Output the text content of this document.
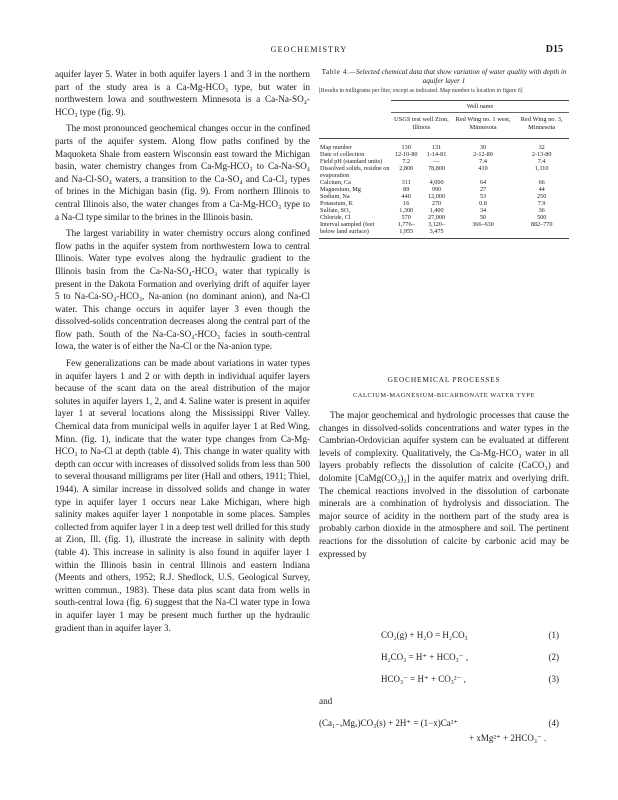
GEOCHEMISTRY	D15

aquifer layer 5. Water in both aquifer layers 1 and 3 in the northern part of the study area is a Ca-Mg-HCO₃ type, but water in northwestern Iowa and southwestern Minnesota is a Ca-Na-SO₄-HCO₃ type (fig. 9).

The most pronounced geochemical changes occur in the confined parts of the aquifer system. Along flow paths confined by the Maquoketa Shale from eastern Wisconsin east toward the Michigan basin, water chemistry changes from Ca-Mg-HCO₃ to Ca-Na-SO₄ and Na-Cl-SO₄ waters, a transition to the Ca-SO₄ and Ca-Cl₂ types of brines in the Michigan basin (fig. 9). From northern Illinois to central Illinois also, the water changes from a Ca-Mg-HCO₃ type to a Na-Cl type similar to the brines in the Illinois basin.

The largest variability in water chemistry occurs along confined flow paths in the aquifer system from northwestern Iowa to central Illinois. Water type evolves along the hydraulic gradient to the Illinois basin from the Ca-Na-SO₄-HCO₃ water that typically is present in the Dakota Formation and overlying drift of aquifer layer 5 to Na-Ca-SO₄-HCO₃, Na-anion (no dominant anion), and Na-Cl water. This change occurs in aquifer layer 3 even though the dissolved-solids concentration decreases along the central part of the flow path. South of the Na-Ca-SO₄-HCO₃ facies in south-central Iowa, the water is of either the Na-Cl or the Na-anion type.

Few generalizations can be made about variations in water types in aquifer layers 1 and 2 or with depth in individual aquifer layers because of the scant data on the areal distribution of the major solutes in aquifer layers 1, 2, and 4. Saline water is present in aquifer layer 1 at several locations along the Mississippi River Valley. Chemical data from municipal wells in aquifer layer 1 at Red Wing, Minn. (fig. 1), indicate that the water type changes from Ca-Mg-HCO₃ to Na-Cl at depth (table 4). This change in water quality with depth can occur with increases of dissolved solids from less than 500 to several thousand milligrams per liter (Hall and others, 1911; Thiel, 1944). A similar increase in dissolved solids and change in water type in aquifer layer 1 occurs near Lake Michigan, where high salinity makes aquifer layer 1 nonpotable in some places. Samples collected from aquifer layer 1 in a deep test well drilled for this study at Zion, Ill. (fig. 1), illustrate the increase in salinity with depth (table 4). This increase in salinity is also found in aquifer layer 1 within the Illinois basin in central Illinois and eastern Indiana (Meents and others, 1952; R.J. Shedlock, U.S. Geological Survey, written commun., 1983). These data plus scant data from wells in south-central Iowa (fig. 6) suggest that the Na-Cl water type in Iowa in aquifer layer 1 may be present much further up the hydraulic gradient than in aquifer layer 3.

Table 4.—Selected chemical data that show variation of water quality with depth in aquifer layer 1
[Results in milligrams per liter, except as indicated. Map number is location in figure 6]
	Well name			
	USGS test well Zion, Illinois		Red Wing no. 1 west, Minnesota	Red Wing no. 3, Minnesota
Map number	130	131	30	32
Date of collection	12-10-80	1-14-81	2-12-80	2-13-80
Field pH (standard units)	7.2	—	7.4	7.4
Dissolved solids, residue on evaporation	2,800	78,800	410	1,110
Calcium, Ca	311	4,000	64	66
Magnesium, Mg	89	990	27	44
Sodium, Na	440	12,000	53	250
Potassium, K	16	270	0.8	7.9
Sulfate, SO₄	1,300	1,400	34	36
Chloride, Cl	570	27,000	50	500
Interval sampled (feet below land surface)	1,776–1,955	3,120–3,475	366–630	882–770
GEOCHEMICAL PROCESSES
CALCIUM-MAGNESIUM-BICARBONATE WATER TYPE

The major geochemical and hydrologic processes that cause the changes in dissolved-solids concentrations and water types in the Cambrian-Ordovician aquifer system can be evaluated at different levels of complexity. Qualitatively, the Ca-Mg-HCO₃ water in all layers probably reflects the dissolution of calcite (CaCO₃) and dolomite [CaMg(CO₃)₂] in the aquifer matrix and overlying drift. The chemical reactions involved in the dissolution of carbonate minerals are a combination of hydrolysis and dissociation. The major source of acidity in the northern part of the study area is probably carbon dioxide in the atmosphere and soil. The pertinent reactions for the dissolution of calcite by carbonic acid may be expressed by

CO₂(g) + H₂O = H₂CO₃	(1)
H₂CO₃ = H⁺ + HCO₃⁻ ,	(2)
HCO₃⁻ = H⁺ + CO₃²⁻ ,	(3)
and
(Ca₁₋ₓMgₓ)CO₃(s) + 2H⁺ = (1−x)Ca²⁺	(4)
+ xMg²⁺ + 2HCO₃⁻ .
